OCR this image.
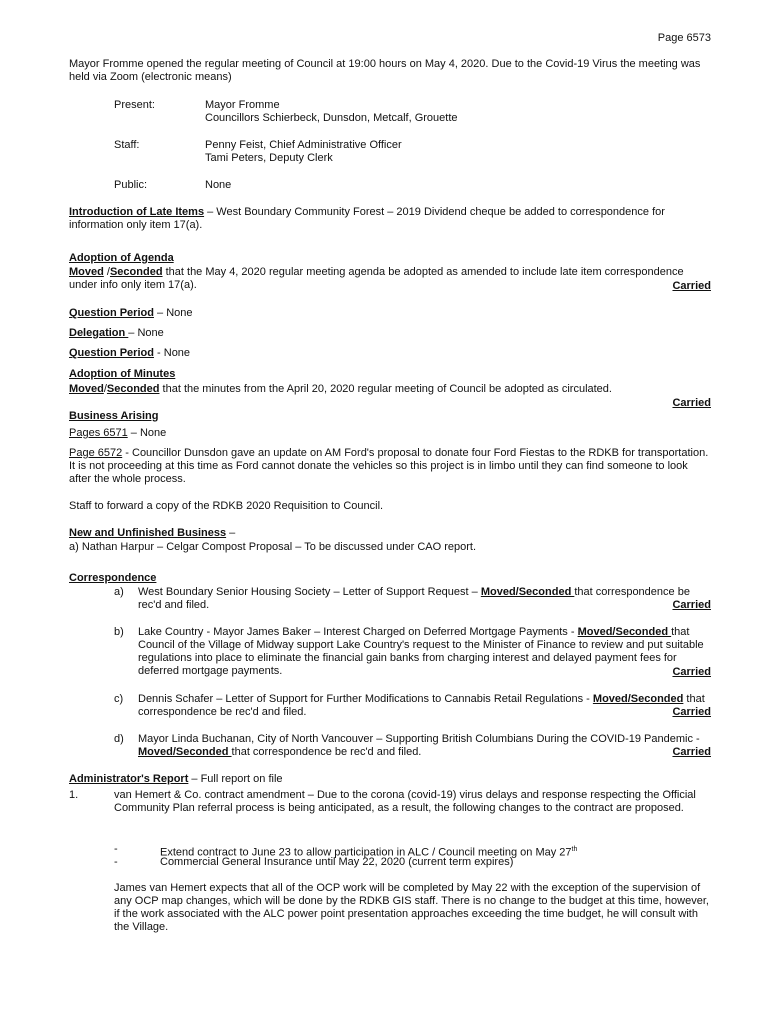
Page 6573

Mayor Fromme opened the regular meeting of Council at 19:00 hours on May 4, 2020. Due to the Covid-19 Virus the meeting was held via Zoom (electronic means)

Present:	Mayor Fromme
Councillors Schierbeck, Dunsdon, Metcalf, Grouette
Staff:	Penny Feist, Chief Administrative Officer
Tami Peters, Deputy Clerk
Public:	None

Introduction of Late Items – West Boundary Community Forest – 2019 Dividend cheque be added to correspondence for information only item 17(a).

Adoption of Agenda

Moved /Seconded that the May 4, 2020 regular meeting agenda be adopted as amended to include late item correspondence under info only item 17(a).	Carried

Question Period – None

Delegation – None

Question Period - None

Adoption of Minutes

Moved/Seconded that the minutes from the April 20, 2020 regular meeting of Council be adopted as circulated.

Carried
Business Arising

Pages 6571 – None

Page 6572 - Councillor Dunsdon gave an update on AM Ford's proposal to donate four Ford Fiestas to the RDKB for transportation. It is not proceeding at this time as Ford cannot donate the vehicles so this project is in limbo until they can find someone to look after the whole process.

Staff to forward a copy of the RDKB 2020 Requisition to Council.

New and Unfinished Business –

a) Nathan Harpur – Celgar Compost Proposal – To be discussed under CAO report.

Correspondence
a) West Boundary Senior Housing Society – Letter of Support Request – Moved/Seconded that correspondence be rec'd and filed.	Carried
b) Lake Country - Mayor James Baker – Interest Charged on Deferred Mortgage Payments - Moved/Seconded that Council of the Village of Midway support Lake Country's request to the Minister of Finance to review and put suitable regulations into place to eliminate the financial gain banks from charging interest and delayed payment fees for deferred mortgage payments.	Carried
c) Dennis Schafer – Letter of Support for Further Modifications to Cannabis Retail Regulations - Moved/Seconded that correspondence be rec'd and filed.	Carried
d) Mayor Linda Buchanan, City of North Vancouver – Supporting British Columbians During the COVID-19 Pandemic - Moved/Seconded that correspondence be rec'd and filed.	Carried

Administrator's Report – Full report on file

1.	van Hemert & Co. contract amendment – Due to the corona (covid-19) virus delays and response respecting the Official Community Plan referral process is being anticipated, as a result, the following changes to the contract are proposed.

-	Extend contract to June 23 to allow participation in ALC / Council meeting on May 27th

-	Commercial General Insurance until May 22, 2020 (current term expires)

James van Hemert expects that all of the OCP work will be completed by May 22 with the exception of the supervision of any OCP map changes, which will be done by the RDKB GIS staff. There is no change to the budget at this time, however, if the work associated with the ALC power point presentation approaches exceeding the time budget, he will consult with the Village.
